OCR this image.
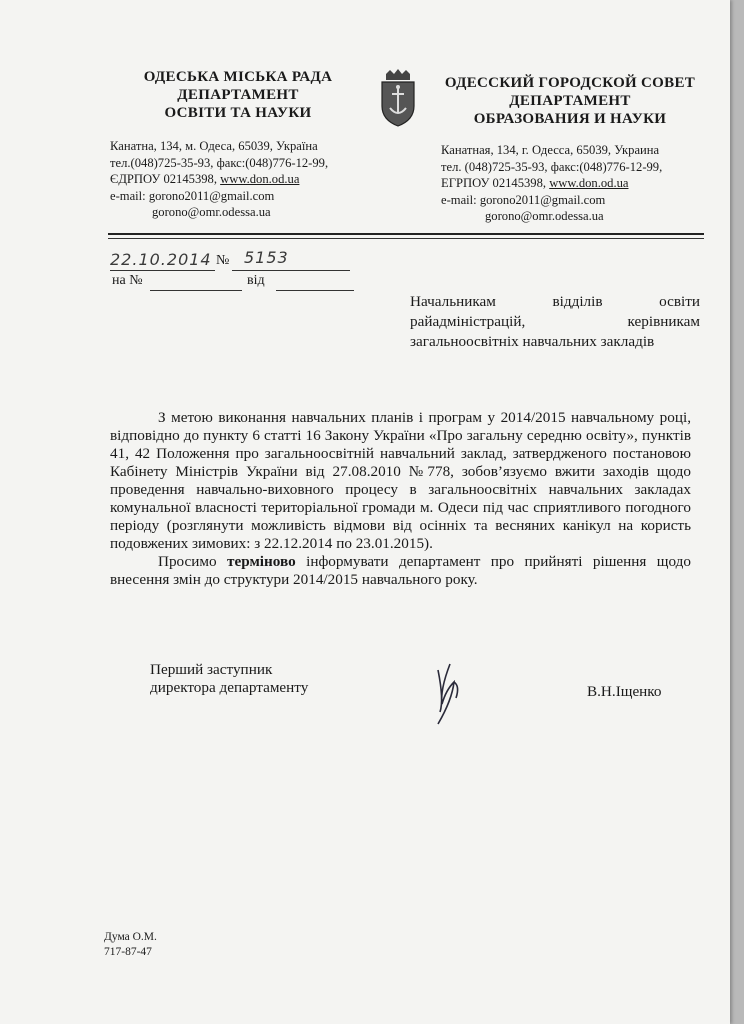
ОДЕСЬКА МІСЬКА РАДА
ДЕПАРТАМЕНТ
ОСВІТИ ТА НАУКИ
Канатна, 134, м. Одеса, 65039, Україна
тел.(048)725-35-93, факс:(048)776-12-99,
ЄДРПОУ 02145398, www.don.od.ua
e-mail: gorono2011@gmail.com
gorono@omr.odessa.ua
ОДЕССКИЙ ГОРОДСКОЙ СОВЕТ
ДЕПАРТАМЕНТ
ОБРАЗОВАНИЯ И НАУКИ
Канатная, 134, г. Одесса, 65039, Украина
тел. (048)725-35-93, факс:(048)776-12-99,
ЕГРПОУ 02145398, www.don.od.ua
e-mail: gorono2011@gmail.com
gorono@omr.odessa.ua
22.10.2014 № 5153
на №	від
Начальникам	відділів	освіти
райадміністрацій,	керівникам
загальноосвітніх навчальних закладів
З метою виконання навчальних планів і програм у 2014/2015 навчальному році, відповідно до пункту 6 статті 16 Закону України «Про загальну середню освіту», пунктів 41, 42 Положення про загальноосвітній навчальний заклад, затвердженого постановою Кабінету Міністрів України від 27.08.2010 №778, зобов’язуємо вжити заходів щодо проведення навчально-виховного процесу в загальноосвітніх навчальних закладах комунальної власності територіальної громади м. Одеси під час сприятливого погодного періоду (розглянути можливість відмови від осінніх та весняних канікул на користь подовжених зимових: з 22.12.2014 по 23.01.2015).
Просимо терміново інформувати департамент про прийняті рішення щодо внесення змін до структури 2014/2015 навчального року.
Перший заступник
директора департаменту	В.Н.Іщенко
Дума О.М.
717-87-47
